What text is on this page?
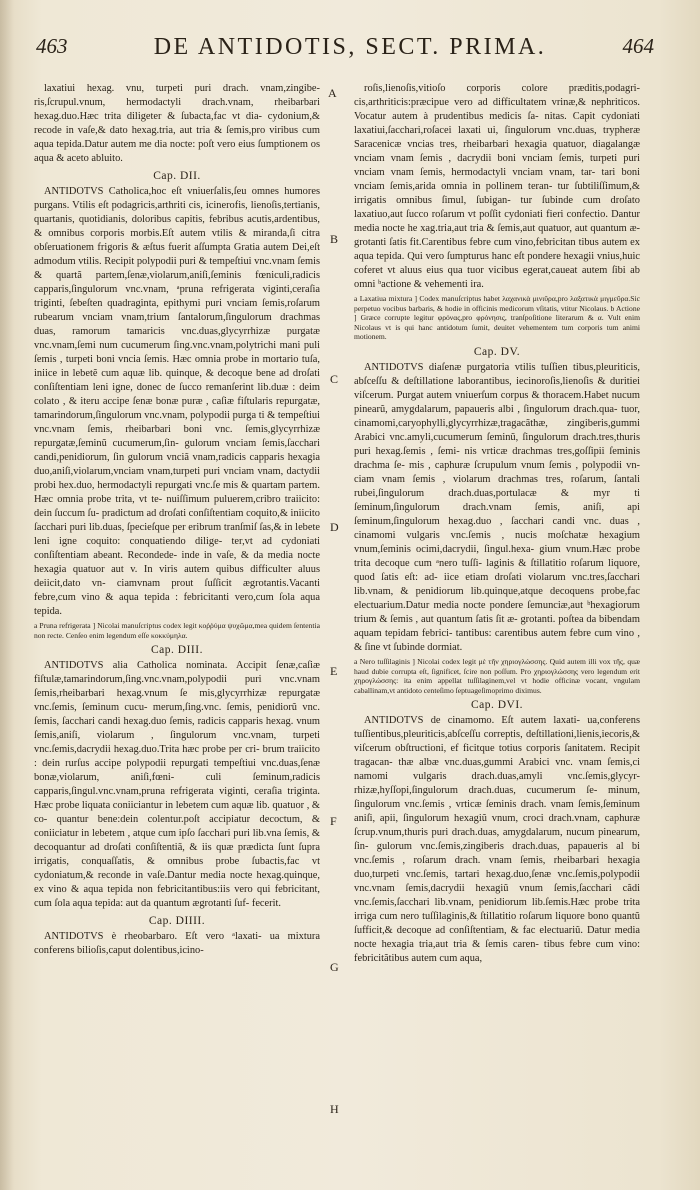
463	DE ANTIDOTIS, SECT. PRIMA.	464
laxatiui hexag. vnu, turpeti puri drach. vnam,zingibe- ris,ſcrupul.vnum, hermodactyli drach.vnam, rheibarbari hexag.duo.Hæc trita diligeter & ſubacta,fac vt dia- cydonium,& recode in vaſe,& dato hexag.tria, aut tria & ſemis,pro viribus cum aqua tepida.Datur autem me dia nocte: poſt vero eius ſumptionem os aqua & aceto abluito.
Cap. DII.
ANTIDOTVS Catholica,hoc eſt vniuerſalis,ſeu omnes humores purgans. Vtilis eſt podagricis,arthriti cis, icinerofis, lienoſis,tertianis, quartanis, quotidianis, doloribus capitis, febribus acutis,ardentibus, & omnibus corporis morbis.Eſt autem vtilis & miranda,ſi citra obſeruationem frigoris & æſtus fuerit aſſumpta Gratia autem Dei,eſt admodum vtilis. Recipit polypodii puri & tempeſtiui vnc.vnam ſemis & quartã partem,ſenæ,violarum,aniſi,ſeminis fœniculi,radicis capparis,ſingulorum vnc.vnam, ᵃpruna refrigerata viginti,ceraſia triginti, ſebeſten quadraginta, epithymi puri vnciam ſemis,roſarum rubearum vnciam vnam,trium ſantalorum,ſingulorum drachmas duas, ramorum tamaricis vnc.duas,glycyrrhizæ purgatæ vnc.vnam,ſemi num cucumerum ſing.vnc.vnam,polytrichi mani puli ſemis , turpeti boni vncia ſemis. Hæc omnia probe in mortario tuſa, iniice in lebetẽ cum aquæ lib. quinque, & decoque bene ad droſati conſiſtentiam leni igne, donec de ſucco remanſerint lib.duæ : deim colato , & iteru accipe ſenæ bonæ puræ , caſiæ fiſtularis repurgatæ, tamarindorum,ſingulorum vnc.vnam, polypodii purga ti & tempeſtiui vnc.vnam ſemis, rheibarbari boni vnc. ſemis,glycyrrhizæ repurgatæ,ſeminũ cucumerum,ſin- gulorum vnciam ſemis,ſacchari candi,penidiorum, ſin gulorum vnciã vnam,radicis capparis hexagia duo,aniſi,violarum,vnciam vnam,turpeti puri vnciam vnam, dactydii probi hex.duo, hermodactyli repurgati vnc.ſe mis & quartam partem. Hæc omnia probe trita, vt te- nuiſſimum puluerem,cribro traiicito: dein ſuccum ſu- pradictum ad droſati conſiſtentiam coquito,& iniicito ſacchari puri lib.duas, ſpecieſque per eribrum tranſmiſ ſas,& in lebete leni igne coquito: conquatiendo dilige- ter,vt ad cydoniati conſiſtentiam abeant. Recondede- inde in vaſe, & da media nocte hexagia quatuor aut v. In viris autem quibus difficulter aluus deiicit,dato vn- ciamvnam prout ſuſſicit ægrotantis.Vacanti febre,cum vino & aqua tepida : febricitanti vero,cum ſola aqua tepida.
a Pruna refrigerata ] Nicolai manuſcriptus codex legit κοῤῥύμα ψυχῶμα,mea quidem ſententia non recte. Cenſeo enim legendum eſſe κοκκύμηλα.
Cap. DIII.
ANTIDOTVS alia Catholica nominata. Accipit ſenæ,caſiæ fiſtulæ,tamarindorum,ſing.vnc.vnam,polypodii puri vnc.vnam ſemis,rheibarbari hexag.vnum ſe mis,glycyrrhizæ repurgatæ vnc.ſemis, ſeminum cucu- merum,ſing.vnc. ſemis, penidiorũ vnc. ſemis, ſacchari candi hexag.duo ſemis, radicis capparis hexag. vnum ſemis,aniſi, violarum , ſingulorum vnc.vnam, turpeti vnc.ſemis,dacrydii hexag.duo.Trita hæc probe per cri- brum traiicito : dein rurſus accipe polypodii repurgati tempeſtiui vnc.duas,ſenæ bonæ,violarum, aniſi,fœni- culi ſeminum,radicis capparis,ſingul.vnc.vnam,pruna refrigerata viginti, ceraſia triginta. Hæc probe liquata coniiciantur in lebetem cum aquæ lib. quatuor , & co- quantur bene:dein colentur.poſt accipiatur decoctum, & coniiciatur in lebetem , atque cum ipſo ſacchari puri lib.vna ſemis, & decoquantur ad droſati conſiſtentiã, & iis quæ prædicta ſunt ſupra irrigatis, conquaſſatis, & omnibus probe ſubactis,fac vt cydoniatum,& reconde in vaſe.Dantur media nocte hexag.quinque, ex vino & aqua tepida non febricitantibus:iis vero qui febricitant, cum ſola aqua tepida: aut da quantum ægrotanti ſuf- fecerit.
Cap. DIIII.
ANTIDOTVS è rheobarbaro. Eſt vero ᵃlaxati- ua mixtura conferens bilioſis,caput dolentibus,icino-
roſis,lienoſis,vitioſo corporis colore præditis,podagri- cis,arthriticis:præcipue vero ad difficultatem vrinæ,& nephriticos. Vocatur autem à prudentibus medicis ſa- nitas. Capit cydoniati laxatiui,ſacchari,roſacei laxati ui, ſingulorum vnc.duas, trypheræ Saracenicæ vncias tres, rheibarbari hexagia quatuor, diagalangæ vnciam vnam ſemis , dacrydii boni vnciam ſemis, turpeti puri vnciam vnam ſemis, hermodactyli vnciam vnam, tar- tari boni vnciam ſemis,arida omnia in pollinem teran- tur ſubtiliſſimum,& irrigatis omnibus ſimul, ſubigan- tur ſubinde cum droſato laxatiuo,aut ſucco roſarum vt poſſit cydoniati fieri confectio. Dantur media nocte he xag.tria,aut tria & ſemis,aut quatuor, aut quantum æ- grotanti ſatis fit.Carentibus febre cum vino,febricitan tibus autem ex aqua tepida. Qui vero ſumpturus hanc eſt pondere hexagii vnius,huic coferet vt aluus eius qua tuor vicibus egerat,caueat autem ſibi ab omni ᵇactione & vehementi ira.
a Laxatiua mixtura ] Codex manuſcriptus habet λαχανικὰ μινιῦρα,pro λαξατικὰ μιγμεῦρα.Sic perpetuo vocibus barbaris, & hodie in officinis medicorum vſitatis, vtitur Nicolaus. b Actione ] Græce corrupte legitur φρόνας,pro φρόνησις, tranſpoſitione literarum & α. Vult enim Nicolaus vt is qui hanc antidotum ſumit, deuitet vehementem tum corporis tum animi motionem.
Cap. DV.
ANTIDOTVS diaſenæ purgatoria vtilis tuſſien tibus,pleuriticis, abſceſſu & deſtillatione laborantibus, iecinoroſis,lienoſis & duritiei viſcerum. Purgat autem vniuerſum corpus & thoracem.Habet nucum pinearũ, amygdalarum, papaueris albi , ſingulorum drach.qua- tuor, cinamomi,caryophylli,glycyrrhizæ,tragacãthæ, zingiberis,gummi Arabici vnc.amyli,cucumerum ſeminũ, ſingulorum drach.tres,thuris puri hexag.ſemis , ſemi- nis vrticæ drachmas tres,goſſipii ſeminis drachma ſe- mis , caphuræ ſcrupulum vnum ſemis , polypodii vn- ciam vnam ſemis , violarum drachmas tres, roſarum, ſantali rubei,ſingulorum drach.duas,portulacæ & myr ti ſeminum,ſingulorum drach.vnam ſemis, aniſi, api ſeminum,ſingulorum hexag.duo , ſacchari candi vnc. duas , cinamomi vulgaris vnc.ſemis , nucis moſchatæ hexagium vnum,ſeminis ocimi,dacrydii, ſingul.hexa- gium vnum.Hæc probe trita decoque cum ᵃnero tuſſi- laginis & ſtillatitio roſarum liquore, quod ſatis eſt: ad- iice etiam droſati violarum vnc.tres,ſacchari lib.vnam, & penidiorum lib.quinque,atque decoquens probe,fac electuarium.Datur media nocte pondere ſemunciæ,aut ᵇhexagiorum trium & ſemis , aut quantum ſatis ſit æ- grotanti. poſtea da bibendam aquam tepidam febrici- tantibus: carentibus autem febre cum vino , & ſine vt ſubinde dormiat.
a Nero tuſſilaginis ] Nicolai codex legit μὲ τῆν χηριογλώσσης. Quid autem illi vox τῆς, quæ haud dubie corrupta eſt, ſignificet, ſcire non poſſum. Pro χηριογλώσσης vero legendum erit χηρογλώσσης: ita enim appellat tuſſilaginem,vel vt hodie officinæ vocant, vngulam caballinam,vt antidoto centeſimo ſeptuageſimoprimo diximus.
Cap. DVI.
ANTIDOTVS de cinamomo. Eſt autem laxati- ua,conferens tuſſientibus,pleuriticis,abſceſſu correptis, deſtillationi,lienis,iecoris,& viſcerum obſtructioni, ef ficitque totius corporis ſanitatem. Recipit tragacan- thæ albæ vnc.duas,gummi Arabici vnc. vnam ſemis,ci namomi vulgaris drach.duas,amyli vnc.ſemis,glycyr- rhizæ,hyſſopi,ſingulorum drach.duas, cucumerum ſe- minum, ſingulorum vnc.ſemis , vrticæ ſeminis drach. vnam ſemis,ſeminum aniſi, apii, ſingulorum hexagiũ vnum, croci drach.vnam, caphuræ ſcrup.vnum,thuris puri drach.duas, amygdalarum, nucum pinearum, ſin- gulorum vnc.ſemis,zingiberis drach.duas, papaueris al bi vnc.ſemis , roſarum drach. vnam ſemis, rheibarbari hexagia duo,turpeti vnc.ſemis, tartari hexag.duo,ſenæ vnc.ſemis,polypodii vnc.vnam ſemis,dacrydii hexagiũ vnum ſemis,ſacchari cãdi vnc.ſemis,ſacchari lib.vnam, penidiorum lib.ſemis.Hæc probe trita irriga cum nero tuſſilaginis,& ſtillatitio roſarum liquore bono quantũ ſufficit,& decoque ad conſiſtentiam, & fac electuariũ. Datur media nocte hexagia tria,aut tria & ſemis caren- tibus febre cum vino: febricitãtibus autem cum aqua,
A
B
C
D
E
F
G
H
